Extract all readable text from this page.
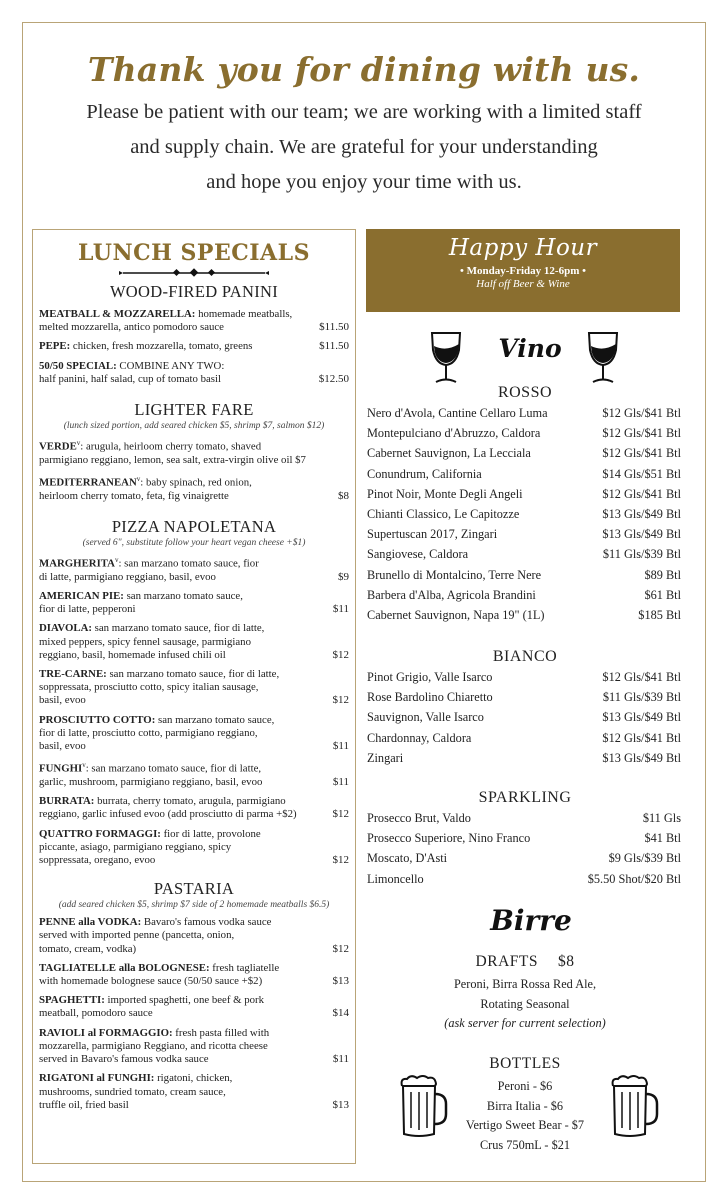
Thank you for dining with us.
Please be patient with our team; we are working with a limited staff
and supply chain. We are grateful for your understanding
and hope you enjoy your time with us.
LUNCH SPECIALS
WOOD-FIRED PANINI
MEATBALL & MOZZARELLA: homemade meatballs,
melted mozzarella, antico pomodoro sauce	$11.50
PEPE: chicken, fresh mozzarella, tomato, greens	$11.50
50/50 SPECIAL: COMBINE ANY TWO:
half panini, half salad, cup of tomato basil	$12.50
LIGHTER FARE
(lunch sized portion, add seared chicken $5, shrimp $7, salmon $12)
VERDE$^v$: arugula, heirloom cherry tomato, shaved
parmigiano reggiano, lemon, sea salt, extra-virgin olive oil $7
MEDITERRANEAN$^v$: baby spinach, red onion,
heirloom cherry tomato, feta, fig vinaigrette	$8
PIZZA NAPOLETANA
(served 6", substitute follow your heart vegan cheese +$1)
MARGHERITA$^v$: san marzano tomato sauce, fior
di latte, parmigiano reggiano, basil, evoo	$9
AMERICAN PIE: san marzano tomato sauce,
fior di latte, pepperoni	$11
DIAVOLA: san marzano tomato sauce, fior di latte,
mixed peppers, spicy fennel sausage, parmigiano
reggiano, basil, homemade infused chili oil	$12
TRE-CARNE: san marzano tomato sauce, fior di latte,
soppressata, prosciutto cotto, spicy italian sausage,
basil, evoo	$12
PROSCIUTTO COTTO: san marzano tomato sauce,
fior di latte, prosciutto cotto, parmigiano reggiano,
basil, evoo	$11
FUNGHI$^v$: san marzano tomato sauce, fior di latte,
garlic, mushroom, parmigiano reggiano, basil, evoo	$11
BURRATA: burrata, cherry tomato, arugula, parmigiano
reggiano, garlic infused evoo (add prosciutto di parma +$2)	$12
QUATTRO FORMAGGI: fior di latte, provolone
piccante, asiago, parmigiano reggiano, spicy
soppressata, oregano, evoo	$12
PASTARIA
(add seared chicken $5, shrimp $7 side of 2 homemade meatballs $6.5)
PENNE alla VODKA: Bavaro's famous vodka sauce
served with imported penne (pancetta, onion,
tomato, cream, vodka)	$12
TAGLIATELLE alla BOLOGNESE: fresh tagliatelle
with homemade bolognese sauce (50/50 sauce +$2)	$13
SPAGHETTI: imported spaghetti, one beef & pork
meatball, pomodoro sauce	$14
RAVIOLI al FORMAGGIO: fresh pasta filled with
mozzarella, parmigiano Reggiano, and ricotta cheese
served in Bavaro's famous vodka sauce	$11
RIGATONI al FUNGHI: rigatoni, chicken,
mushrooms, sundried tomato, cream sauce,
truffle oil, fried basil	$13
Happy Hour
• Monday-Friday 12-6pm •
Half off Beer & Wine
Vino
ROSSO
Nero d'Avola, Cantine Cellaro Luma	$12 Gls/$41 Btl
Montepulciano d'Abruzzo, Caldora	$12 Gls/$41 Btl
Cabernet Sauvignon, La Lecciala	$12 Gls/$41 Btl
Conundrum, California	$14 Gls/$51 Btl
Pinot Noir, Monte Degli Angeli	$12 Gls/$41 Btl
Chianti Classico, Le Capitozze	$13 Gls/$49 Btl
Supertuscan 2017, Zingari	$13 Gls/$49 Btl
Sangiovese, Caldora	$11 Gls/$39 Btl
Brunello di Montalcino, Terre Nere	$89 Btl
Barbera d'Alba, Agricola Brandini	$61 Btl
Cabernet Sauvignon, Napa 19" (1L)	$185 Btl
BIANCO
Pinot Grigio, Valle Isarco	$12 Gls/$41 Btl
Rose Bardolino Chiaretto	$11 Gls/$39 Btl
Sauvignon, Valle Isarco	$13 Gls/$49 Btl
Chardonnay, Caldora	$12 Gls/$41 Btl
Zingari	$13 Gls/$49 Btl
SPARKLING
Prosecco Brut, Valdo	$11 Gls
Prosecco Superiore, Nino Franco	$41 Btl
Moscato, D'Asti	$9 Gls/$39 Btl
Limoncello	$5.50 Shot/$20 Btl
Birre
DRAFTS $8
Peroni, Birra Rossa Red Ale,
Rotating Seasonal
(ask server for current selection)
BOTTLES
Peroni - $6
Birra Italia - $6
Vertigo Sweet Bear - $7
Crus 750mL - $21
